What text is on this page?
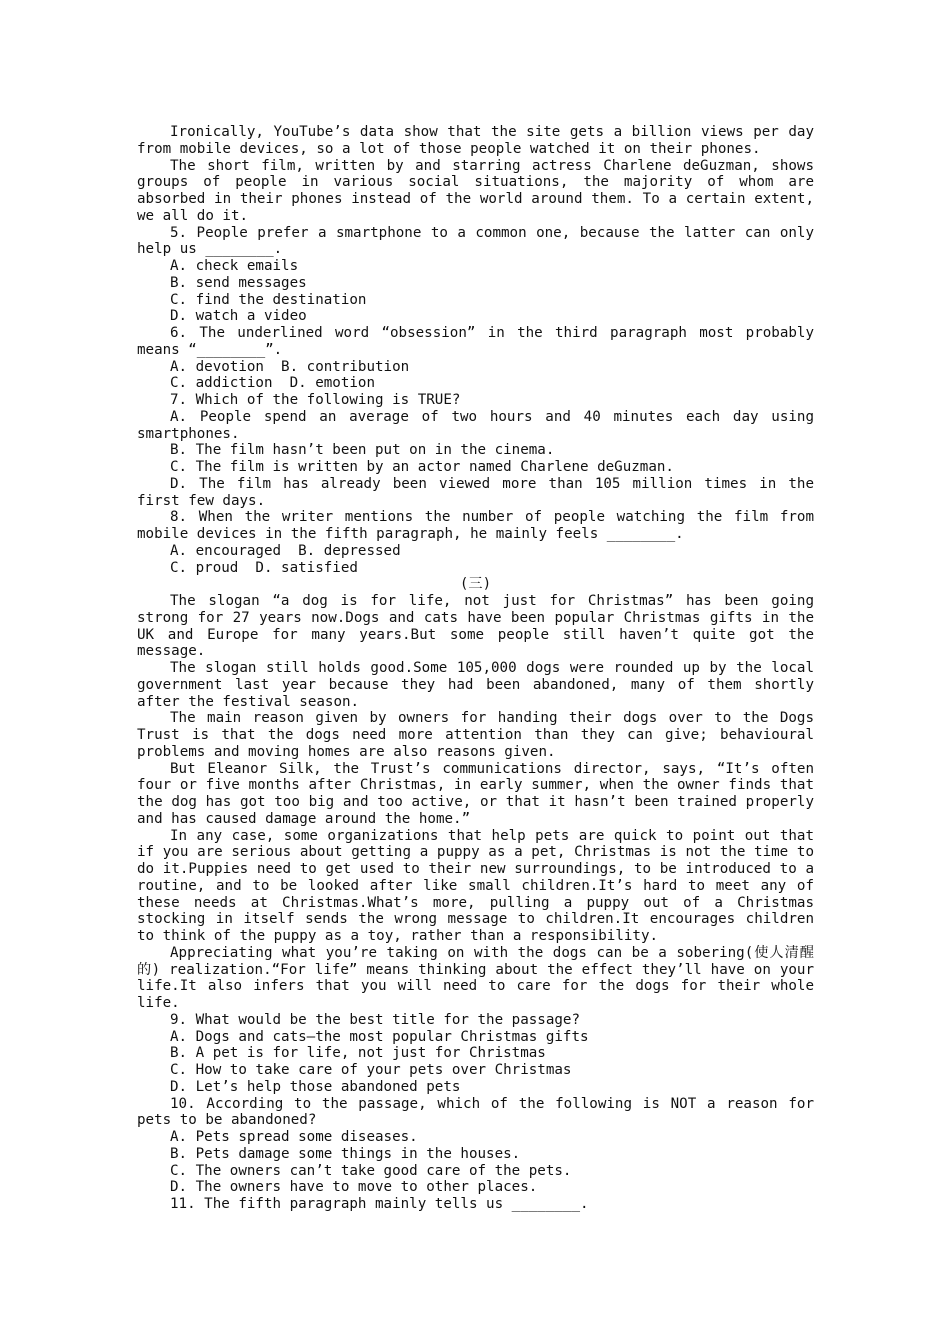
Ironically, YouTube’s data show that the site gets a billion views per day from mobile devices, so a lot of those people watched it on their phones.

The short film, written by and starring actress Charlene deGuzman, shows groups of people in various social situations, the majority of whom are absorbed in their phones instead of the world around them. To a certain extent, we all do it.

5. People prefer a smartphone to a common one, because the latter can only help us ________.

A. check emails

B. send messages

C. find the destination

D. watch a video

6. The underlined word “obsession” in the third paragraph most probably means “________”.

A. devotion  B. contribution

C. addiction  D. emotion

7. Which of the following is TRUE?

A. People spend an average of two hours and 40 minutes each day using smartphones.

B. The film hasn’t been put on in the cinema.

C. The film is written by an actor named Charlene deGuzman.

D. The film has already been viewed more than 105 million times in the first few days.

8. When the writer mentions the number of people watching the film from mobile devices in the fifth paragraph, he mainly feels ________.

A. encouraged  B. depressed

C. proud  D. satisfied

(三)

The slogan “a dog is for life, not just for Christmas” has been going strong for 27 years now.Dogs and cats have been popular Christmas gifts in the UK and Europe for many years.But some people still haven’t quite got the message.

The slogan still holds good.Some 105,000 dogs were rounded up by the local government last year because they had been abandoned, many of them shortly after the festival season.

The main reason given by owners for handing their dogs over to the Dogs Trust is that the dogs need more attention than they can give; behavioural problems and moving homes are also reasons given.

But Eleanor Silk, the Trust’s communications director, says, “It’s often four or five months after Christmas, in early summer, when the owner finds that the dog has got too big and too active, or that it hasn’t been trained properly and has caused damage around the home.”

In any case, some organizations that help pets are quick to point out that if you are serious about getting a puppy as a pet, Christmas is not the time to do it.Puppies need to get used to their new surroundings, to be introduced to a routine, and to be looked after like small children.It’s hard to meet any of these needs at Christmas.What’s more, pulling a puppy out of a Christmas stocking in itself sends the wrong message to children.It encourages children to think of the puppy as a toy, rather than a responsibility.

Appreciating what you’re taking on with the dogs can be a sobering(使人清醒的) realization.“For life” means thinking about the effect they’ll have on your life.It also infers that you will need to care for the dogs for their whole life.

9. What would be the best title for the passage?

A. Dogs and cats—the most popular Christmas gifts

B. A pet is for life, not just for Christmas

C. How to take care of your pets over Christmas

D. Let’s help those abandoned pets

10. According to the passage, which of the following is NOT a reason for pets to be abandoned?

A. Pets spread some diseases.

B. Pets damage some things in the houses.

C. The owners can’t take good care of the pets.

D. The owners have to move to other places.

11. The fifth paragraph mainly tells us ________.
